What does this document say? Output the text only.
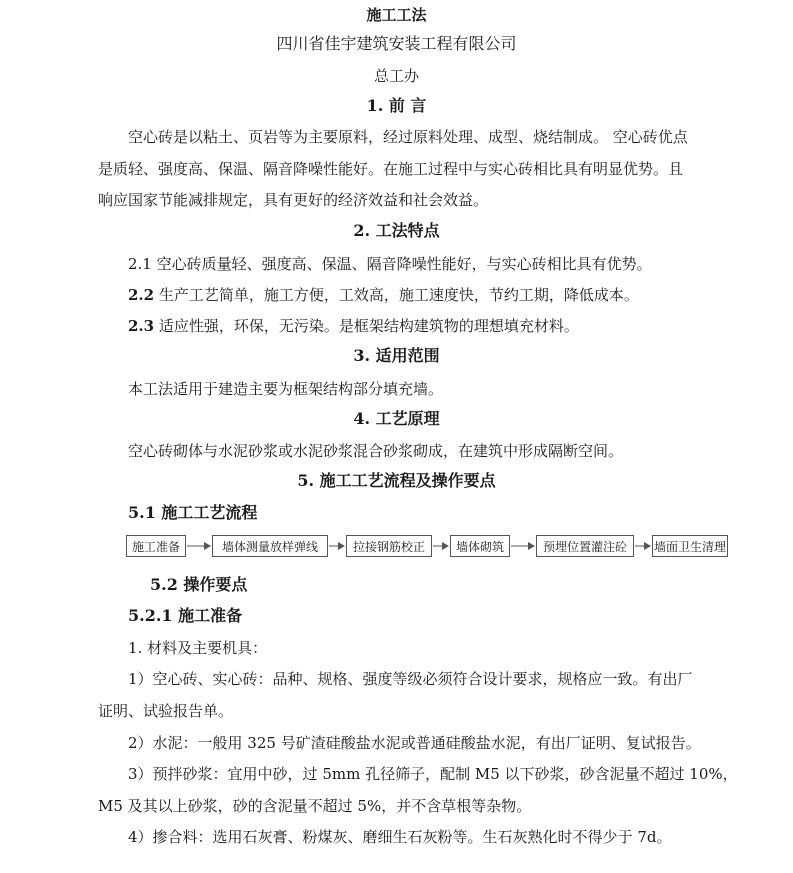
施工工法

四川省佳宇建筑安装工程有限公司

总工办

1. 前 言

空心砖是以粘土、页岩等为主要原料，经过原料处理、成型、烧结制成。 空心砖优点

是质轻、强度高、保温、隔音降噪性能好。在施工过程中与实心砖相比具有明显优势。且

响应国家节能减排规定，具有更好的经济效益和社会效益。

2. 工法特点

2.1 空心砖质量轻、强度高、保温、隔音降噪性能好，与实心砖相比具有优势。

2.2 生产工艺简单，施工方便，工效高，施工速度快，节约工期，降低成本。

2.3 适应性强，环保，无污染。是框架结构建筑物的理想填充材料。

3. 适用范围

本工法适用于建造主要为框架结构部分填充墙。

4. 工艺原理

空心砖砌体与水泥砂浆或水泥砂浆混合砂浆砌成，在建筑中形成隔断空间。

5. 施工工艺流程及操作要点

5.1 施工工艺流程

施工准备	墙体测量放样弹线	拉接钢筋校正	墙体砌筑	预埋位置灌注砼	墙面卫生清理

5.2 操作要点

5.2.1 施工准备

1. 材料及主要机具：

1）空心砖、实心砖：品种、规格、强度等级必须符合设计要求，规格应一致。有出厂

证明、试验报告单。

2）水泥：一般用 325 号矿渣硅酸盐水泥或普通硅酸盐水泥，有出厂证明、复试报告。

3）预拌砂浆：宜用中砂，过 5mm 孔径筛子，配制 M5 以下砂浆，砂含泥量不超过 10%，

M5 及其以上砂浆，砂的含泥量不超过 5%，并不含草根等杂物。

4）掺合料：选用石灰膏、粉煤灰、磨细生石灰粉等。生石灰熟化时不得少于 7d。
